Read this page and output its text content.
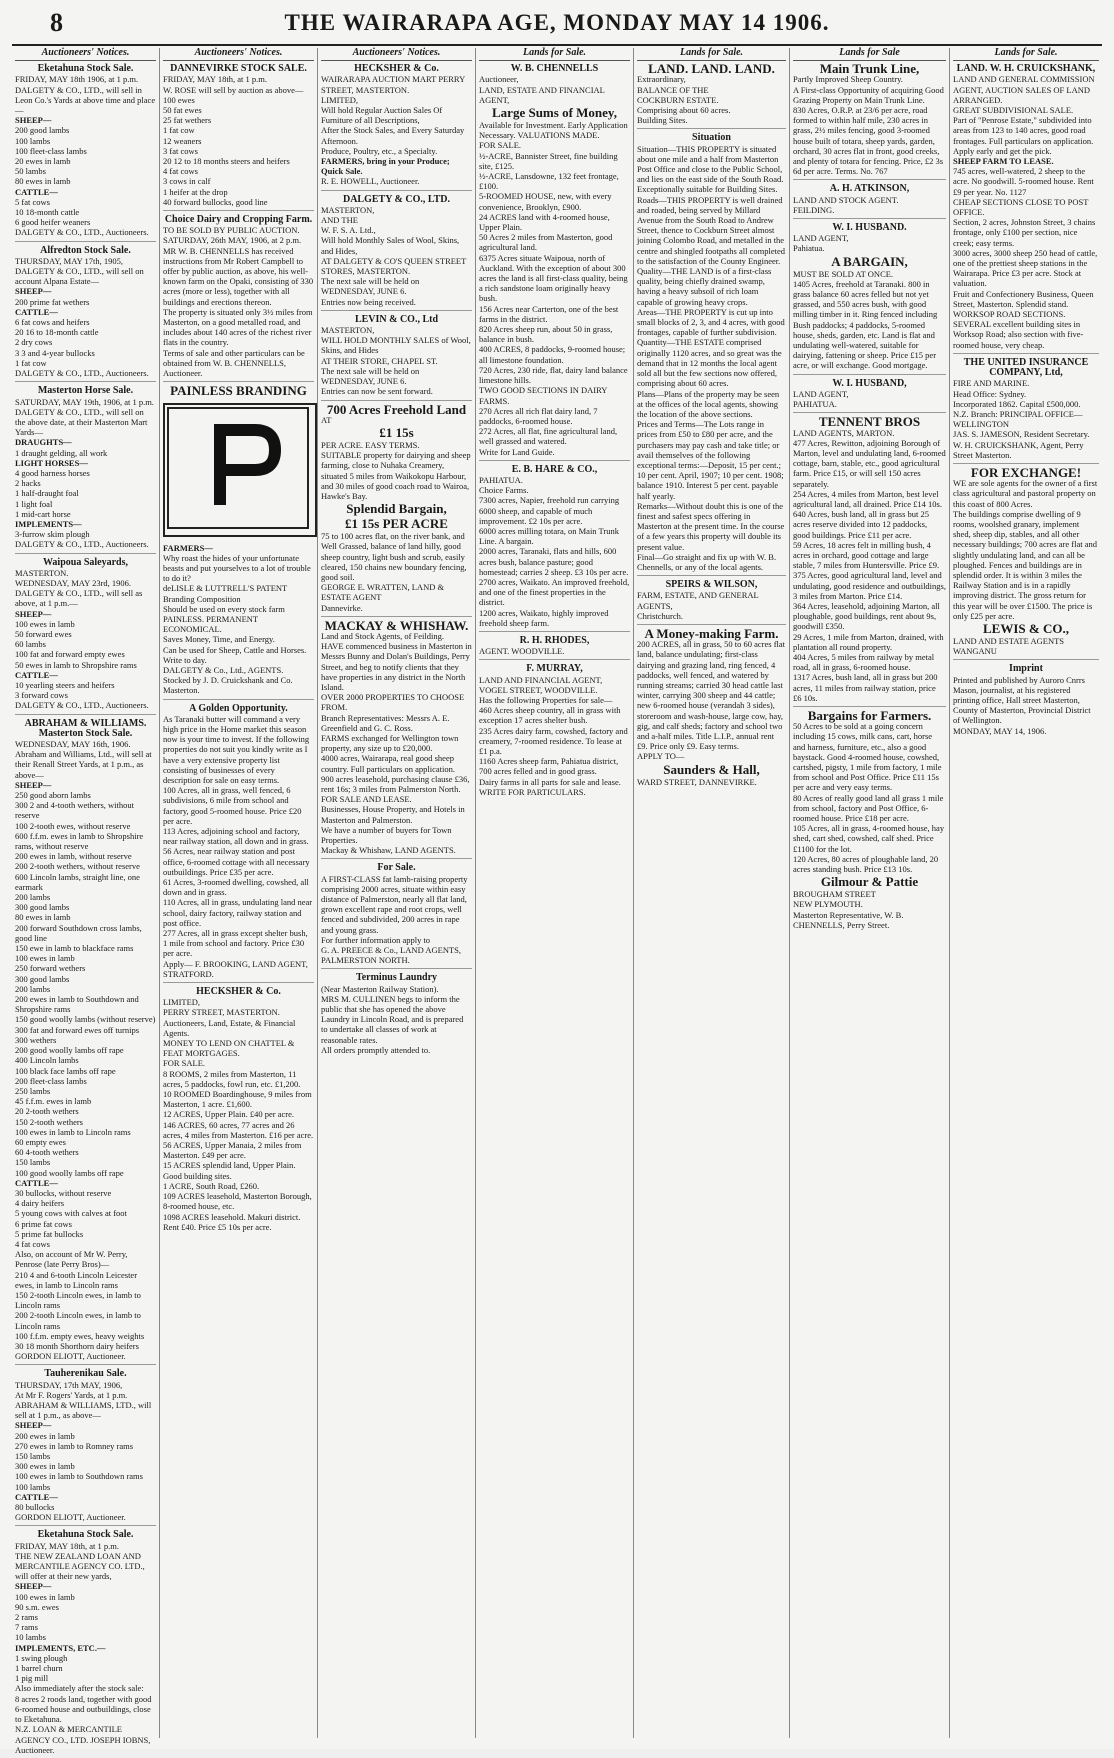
8	THE WAIRARAPA AGE, MONDAY MAY 14 1906.
Auctioneers' Notices.
Eketahuna Stock Sale.
FRIDAY, MAY 18th 1906, at 1 p.m.
DALGETY & CO., LTD., will sell in Leon Co.'s Yards at above time and place—
SHEEP—
200 good lambs
100 lambs
100 fleet-class lambs
20 ewes in lamb
50 lambs
80 ewes in lamb
CATTLE—
5 fat cows
10 18-month cattle
6 good heifer weaners
DALGETY & CO., LTD., Auctioneers.
Alfredton Stock Sale.
THURSDAY, MAY 17th, 1905,
DALGETY & CO., LTD., will sell on account Alpana Estate—
SHEEP—
200 prime fat wethers
CATTLE—
6 fat cows and heifers
20 16 to 18-month cattle
2 dry cows
3 3 and 4-year bullocks
1 fat cow
DALGETY & CO., LTD., Auctioneers.
Masterton Horse Sale.
SATURDAY, MAY 19th, 1906, at 1 p.m.
DALGETY & CO., LTD., will sell on the above date, at their Masterton Mart Yards—
DRAUGHTS—
1 draught gelding, all work
LIGHT HORSES—
4 good harness horses
2 hacks
1 half-draught foal
1 light foal
1 mid-cart horse
IMPLEMENTS—
3-furrow skim plough
DALGETY & CO., LTD., Auctioneers.
Waipoua Saleyards,
MASTERTON.
WEDNESDAY, MAY 23rd, 1906.
DALGETY & CO., LTD., will sell as above, at 1 p.m.—
SHEEP—
100 ewes in lamb
50 forward ewes
60 lambs
100 fat and forward empty ewes
50 ewes in lamb to Shropshire rams
CATTLE—
10 yearling steers and heifers
3 forward cows
DALGETY & CO., LTD., Auctioneers.
ABRAHAM & WILLIAMS. Masterton Stock Sale.
WEDNESDAY, MAY 16th, 1906.
Abraham and Williams, Ltd., will sell at their Renall Street Yards, at 1 p.m., as above—
SHEEP—
250 good aborn lambs
300 2 and 4-tooth wethers, without reserve
100 2-tooth ewes, without reserve
600 f.f.m. ewes in lamb to Shropshire rams, without reserve
200 ewes in lamb, without reserve
200 2-tooth wethers, without reserve
600 Lincoln lambs, straight line, one earmark
200 lambs
300 good lambs
80 ewes in lamb
200 forward Southdown cross lambs, good line
150 ewe in lamb to blackface rams
100 ewes in lamb
250 forward wethers
300 good lambs
200 lambs
200 ewes in lamb to Southdown and Shropshire rams
150 good woolly lambs (without reserve)
300 fat and forward ewes off turnips
300 wethers
200 good woolly lambs off rape
400 Lincoln lambs
100 black face lambs off rape
200 fleet-class lambs
250 lambs
45 f.f.m. ewes in lamb
20 2-tooth wethers
150 2-tooth wethers
100 ewes in lamb to Lincoln rams
60 empty ewes
60 4-tooth wethers
150 lambs
100 good woolly lambs off rape
CATTLE—
30 bullocks, without reserve
4 dairy heifers
5 young cows with calves at foot
6 prime fat cows
5 prime fat bullocks
4 fat cows
Also, on account of Mr W. Perry, Penrose (late Perry Bros)—
210 4 and 6-tooth Lincoln Leicester ewes, in lamb to Lincoln rams
150 2-tooth Lincoln ewes, in lamb to Lincoln rams
200 2-tooth Lincoln ewes, in lamb to Lincoln rams
100 f.f.m. empty ewes, heavy weights
30 18 month Shorthorn dairy heifers
GORDON ELIOTT, Auctioneer.
Tauherenikau Sale.
THURSDAY, 17th MAY, 1906,
At Mr F. Rogers' Yards, at 1 p.m.
ABRAHAM & WILLIAMS, LTD., will sell at 1 p.m., as above—
SHEEP—
200 ewes in lamb
270 ewes in lamb to Romney rams
150 lambs
300 ewes in lamb
100 ewes in lamb to Southdown rams
100 lambs
CATTLE—
80 bullocks
GORDON ELIOTT, Auctioneer.
Eketahuna Stock Sale.
FRIDAY, MAY 18th, at 1 p.m.
THE NEW ZEALAND LOAN AND MERCANTILE AGENCY CO. LTD., will offer at their new yards,
SHEEP—
100 ewes in lamb
90 s.m. ewes
2 rams
7 rams
10 lambs
IMPLEMENTS, ETC.—
1 swing plough
1 barrel churn
1 pig mill
Also immediately after the stock sale:
8 acres 2 roods land, together with good 6-roomed house and outbuildings, close to Eketahuna.
N.Z. LOAN & MERCANTILE AGENCY CO., LTD. JOSEPH IOBNS, Auctioneer.
Auctioneers' Notices.
DANNEVIRKE STOCK SALE.
FRIDAY, MAY 18th, at 1 p.m.
W. ROSE will sell by auction as above—
100 ewes
50 fat ewes
25 fat wethers
1 fat cow
12 weaners
3 fat cows
20 12 to 18 months steers and heifers
4 fat cows
3 cows in calf
1 heifer at the drop
40 forward bullocks, good line
Choice Dairy and Cropping Farm.
TO BE SOLD BY PUBLIC AUCTION.
SATURDAY, 26th MAY, 1906, at 2 p.m.
MR W. B. CHENNELLS has received instructions from Mr Robert Campbell to offer by public auction, as above, his well-known farm on the Opaki, consisting of 330 acres (more or less), together with all buildings and erections thereon.
The property is situated only 3½ miles from Masterton, on a good metalled road, and includes about 140 acres of the richest river flats in the country.
Terms of sale and other particulars can be obtained from W. B. CHENNELLS, Auctioneer.
PAINLESS BRANDING
FARMERS—
Why roast the hides of your unfortunate beasts and put yourselves to a lot of trouble to do it?
deLISLE & LUTTRELL'S PATENT Branding Composition
Should be used on every stock farm
PAINLESS. PERMANENT ECONOMICAL.
Saves Money, Time, and Energy.
Can be used for Sheep, Cattle and Horses.
Write to day.
DALGETY & Co., Ltd., AGENTS.
Stocked by J. D. Cruickshank and Co. Masterton.
A Golden Opportunity.
As Taranaki butter will command a very high price in the Home market this season now is your time to invest. If the following properties do not suit you kindly write as I have a very extensive property list consisting of businesses of every description for sale on easy terms.
100 Acres, all in grass, well fenced, 6 subdivisions, 6 mile from school and factory, good 5-roomed house. Price £20 per acre.
113 Acres, adjoining school and factory, near railway station, all down and in grass.
56 Acres, near railway station and post office, 6-roomed cottage with all necessary outbuildings. Price £35 per acre.
61 Acres, 3-roomed dwelling, cowshed, all down and in grass.
110 Acres, all in grass, undulating land near school, dairy factory, railway station and post office.
277 Acres, all in grass except shelter bush, 1 mile from school and factory. Price £30 per acre.
Apply— F. BROOKING, LAND AGENT, STRATFORD.
HECKSHER & Co.
LIMITED,
PERRY STREET, MASTERTON.
Auctioneers, Land, Estate, & Financial Agents.
MONEY TO LEND ON CHATTEL & FEAT MORTGAGES.
FOR SALE.
8 ROOMS, 2 miles from Masterton, 11 acres, 5 paddocks, fowl run, etc. £1,200.
10 ROOMED Boardinghouse, 9 miles from Masterton, 1 acre. £1,600.
12 ACRES, Upper Plain. £40 per acre.
146 ACRES, 60 acres, 77 acres and 26 acres, 4 miles from Masterton. £16 per acre.
56 ACRES, Upper Manaia, 2 miles from Masterton. £49 per acre.
15 ACRES splendid land, Upper Plain. Good building sites.
1 ACRE, South Road, £260.
109 ACRES leasehold, Masterton Borough, 8-roomed house, etc.
1098 ACRES leasehold. Makuri district. Rent £40. Price £5 10s per acre.
Auctioneers' Notices.
HECKSHER & Co.
WAIRARAPA AUCTION MART PERRY STREET, MASTERTON.
LIMITED,
Will hold Regular Auction Sales Of Furniture of all Descriptions,
After the Stock Sales, and Every Saturday Afternoon.
Produce, Poultry, etc., a Specialty.
FARMERS, bring in your Produce; Quick Sale.
R. E. HOWELL, Auctioneer.
DALGETY & CO., LTD.
MASTERTON,
AND THE
W. F. S. A. Ltd.,
Will hold Monthly Sales of Wool, Skins, and Hides,
AT DALGETY & CO'S QUEEN STREET STORES, MASTERTON.
The next sale will be held on WEDNESDAY, JUNE 6.
Entries now being received.
LEVIN & CO., Ltd
MASTERTON,
WILL HOLD MONTHLY SALES of Wool, Skins, and Hides
AT THEIR STORE, CHAPEL ST.
The next sale will be held on WEDNESDAY, JUNE 6.
Entries can now be sent forward.
700 Acres Freehold Land
AT
£1 15s
PER ACRE. EASY TERMS.
SUITABLE property for dairying and sheep farming, close to Nuhaka Creamery, situated 5 miles from Waikokopu Harbour, and 30 miles of good coach road to Wairoa, Hawke's Bay.
Splendid Bargain,
£1 15s PER ACRE
75 to 100 acres flat, on the river bank, and Well Grassed, balance of land hilly, good sheep country, light bush and scrub, easily cleared, 150 chains new boundary fencing, good soil.
GEORGE E. WRATTEN, LAND & ESTATE AGENT
Dannevirke.
MACKAY & WHISHAW.
Land and Stock Agents, of Feilding.
HAVE commenced business in Masterton in Messrs Bunny and Dolan's Buildings, Perry Street, and beg to notify clients that they have properties in any district in the North Island.
OVER 2000 PROPERTIES TO CHOOSE FROM.
Branch Representatives: Messrs A. E. Greenfield and G. C. Ross.
FARMS exchanged for Wellington town property, any size up to £20,000.
4000 acres, Wairarapa, real good sheep country. Full particulars on application.
900 acres leasehold, purchasing clause £36, rent 16s; 3 miles from Palmerston North.
FOR SALE AND LEASE.
Businesses, House Property, and Hotels in Masterton and Palmerston.
We have a number of buyers for Town Properties.
Mackay & Whishaw, LAND AGENTS.
For Sale.
A FIRST-CLASS fat lamb-raising property comprising 2000 acres, situate within easy distance of Palmerston, nearly all flat land, grown excellent rape and root crops, well fenced and subdivided, 200 acres in rape and young grass.
For further information apply to
G. A. PREECE & Co., LAND AGENTS, PALMERSTON NORTH.
Terminus Laundry
(Near Masterton Railway Station).
MRS M. CULLINEN begs to inform the public that she has opened the above Laundry in Lincoln Road, and is prepared to undertake all classes of work at reasonable rates.
All orders promptly attended to.
Lands for Sale.
W. B. CHENNELLS
Auctioneer,
LAND, ESTATE AND FINANCIAL AGENT,
Large Sums of Money,
Available for Investment. Early Application Necessary. VALUATIONS MADE.
FOR SALE.
½-ACRE, Bannister Street, fine building site, £125.
½-ACRE, Lansdowne, 132 feet frontage, £100.
5-ROOMED HOUSE, new, with every convenience, Brooklyn, £900.
24 ACRES land with 4-roomed house, Upper Plain.
50 Acres 2 miles from Masterton, good agricultural land.
6375 Acres situate Waipoua, north of Auckland. With the exception of about 300 acres the land is all first-class quality, being a rich sandstone loam originally heavy bush.
156 Acres near Carterton, one of the best farms in the district.
820 Acres sheep run, about 50 in grass, balance in bush.
400 ACRES, 8 paddocks, 9-roomed house; all limestone foundation.
720 Acres, 230 ride, flat, dairy land balance limestone hills.
TWO GOOD SECTIONS IN DAIRY FARMS.
270 Acres all rich flat dairy land, 7 paddocks, 6-roomed house.
272 Acres, all flat, fine agricultural land, well grassed and watered.
Write for Land Guide.
E. B. HARE & CO.,
PAHIATUA.
Choice Farms.
7300 acres, Napier, freehold run carrying 6000 sheep, and capable of much improvement. £2 10s per acre.
6000 acres milling totara, on Main Trunk Line. A bargain.
2000 acres, Taranaki, flats and hills, 600 acres bush, balance pasture; good homestead; carries 2 sheep. £3 10s per acre.
2700 acres, Waikato. An improved freehold, and one of the finest properties in the district.
1200 acres, Waikato, highly improved freehold sheep farm.
R. H. RHODES,
AGENT. WOODVILLE.
F. MURRAY,
LAND AND FINANCIAL AGENT, VOGEL STREET, WOODVILLE.
Has the following Properties for sale—
460 Acres sheep country, all in grass with exception 17 acres shelter bush.
235 Acres dairy farm, cowshed, factory and creamery, 7-roomed residence. To lease at £1 p.a.
1160 Acres sheep farm, Pahiatua district, 700 acres felled and in good grass.
Dairy farms in all parts for sale and lease.
WRITE FOR PARTICULARS.
Lands for Sale.
LAND. LAND. LAND.
Extraordinary,
BALANCE OF THE
COCKBURN ESTATE.
Comprising about 60 acres.
Building Sites.
Situation
Situation—THIS PROPERTY is situated about one mile and a half from Masterton Post Office and close to the Public School, and lies on the east side of the South Road. Exceptionally suitable for Building Sites.
Roads—THIS PROPERTY is well drained and roaded, being served by Millard Avenue from the South Road to Andrew Street, thence to Cockburn Street almost joining Colombo Road, and metalled in the centre and shingled footpaths all completed to the satisfaction of the County Engineer.
Quality—THE LAND is of a first-class quality, being chiefly drained swamp, having a heavy subsoil of rich loam capable of growing heavy crops.
Areas—THE PROPERTY is cut up into small blocks of 2, 3, and 4 acres, with good frontages, capable of further subdivision.
Quantity—THE ESTATE comprised originally 1120 acres, and so great was the demand that in 12 months the local agent sold all but the few sections now offered, comprising about 60 acres.
Plans—Plans of the property may be seen at the offices of the local agents, showing the location of the above sections.
Prices and Terms—The Lots range in prices from £50 to £80 per acre, and the purchasers may pay cash and take title; or avail themselves of the following exceptional terms:—Deposit, 15 per cent.; 10 per cent. April, 1907; 10 per cent. 1908; balance 1910. Interest 5 per cent. payable half yearly.
Remarks—Without doubt this is one of the finest and safest specs offering in Masterton at the present time. In the course of a few years this property will double its present value.
Final—Go straight and fix up with W. B. Chennells, or any of the local agents.
SPEIRS & WILSON,
FARM, ESTATE, AND GENERAL AGENTS,
Christchurch.
A Money-making Farm.
200 ACRES, all in grass, 50 to 60 acres flat land, balance undulating; first-class dairying and grazing land, ring fenced, 4 paddocks, well fenced, and watered by running streams; carried 30 head cattle last winter, carrying 300 sheep and 44 cattle; new 6-roomed house (verandah 3 sides), storeroom and wash-house, large cow, hay, gig, and calf sheds; factory and school two and a-half miles. Title L.I.P., annual rent £9. Price only £9. Easy terms.
APPLY TO—
Saunders & Hall,
WARD STREET, DANNEVIRKE.
Lands for Sale
Main Trunk Line,
Partly Improved Sheep Country.
A First-class Opportunity of acquiring Good Grazing Property on Main Trunk Line.
830 Acres, O.R.P. at 23/6 per acre, road formed to within half mile, 230 acres in grass, 2½ miles fencing, good 3-roomed house built of totara, sheep yards, garden, orchard, 30 acres flat in front, good creeks, and plenty of totara for fencing. Price, £2 3s 6d per acre. Terms. No. 767
A. H. ATKINSON,
LAND AND STOCK AGENT.
FEILDING.
W. I. HUSBAND.
LAND AGENT,
Pahiatua.
A BARGAIN,
MUST BE SOLD AT ONCE.
1405 Acres, freehold at Taranaki. 800 in grass balance 60 acres felled but not yet grassed, and 550 acres bush, with good milling timber in it. Ring fenced including Bush paddocks; 4 paddocks, 5-roomed house, sheds, garden, etc. Land is flat and undulating well-watered, suitable for dairying, fattening or sheep. Price £15 per acre, or will exchange. Good mortgage.
W. I. HUSBAND,
LAND AGENT,
PAHIATUA.
TENNENT BROS
LAND AGENTS, MARTON.
477 Acres, Rewitton, adjoining Borough of Marton, level and undulating land, 6-roomed cottage, barn, stable, etc., good agricultural farm. Price £15, or will sell 150 acres separately.
254 Acres, 4 miles from Marton, best level agricultural land, all drained. Price £14 10s.
640 Acres, bush land, all in grass but 25 acres reserve divided into 12 paddocks, good buildings. Price £11 per acre.
59 Acres, 18 acres felt in milling bush, 4 acres in orchard, good cottage and large stable, 7 miles from Huntersville. Price £9.
375 Acres, good agricultural land, level and undulating, good residence and outbuildings, 3 miles from Marton. Price £14.
364 Acres, leasehold, adjoining Marton, all ploughable, good buildings, rent about 9s, goodwill £350.
29 Acres, 1 mile from Marton, drained, with plantation all round property.
404 Acres, 5 miles from railway by metal road, all in grass, 6-roomed house.
1317 Acres, bush land, all in grass but 200 acres, 11 miles from railway station, price £6 10s.
Bargains for Farmers.
50 Acres to be sold at a going concern including 15 cows, milk cans, cart, horse and harness, furniture, etc., also a good baystack. Good 4-roomed house, cowshed, cartshed, pigsty, 1 mile from factory, 1 mile from school and Post Office. Price £11 15s per acre and very easy terms.
80 Acres of really good land all grass 1 mile from school, factory and Post Office, 6-roomed house. Price £18 per acre.
105 Acres, all in grass, 4-roomed house, hay shed, cart shed, cowshed, calf shed. Price £1100 for the lot.
120 Acres, 80 acres of ploughable land, 20 acres standing bush. Price £13 10s.
Gilmour & Pattie
BROUGHAM STREET
NEW PLYMOUTH.
Masterton Representative, W. B. CHENNELLS, Perry Street.
Lands for Sale.
LAND. W. H. CRUICKSHANK,
LAND AND GENERAL COMMISSION AGENT, AUCTION SALES OF LAND ARRANGED.
GREAT SUBDIVISIONAL SALE.
Part of "Penrose Estate," subdivided into areas from 123 to 140 acres, good road frontages. Full particulars on application. Apply early and get the pick.
SHEEP FARM TO LEASE.
745 acres, well-watered, 2 sheep to the acre. No goodwill. 5-roomed house. Rent £9 per year. No. 1127
CHEAP SECTIONS CLOSE TO POST OFFICE.
Section, 2 acres, Johnston Street, 3 chains frontage, only £100 per section, nice creek; easy terms.
3000 acres, 3000 sheep 250 head of cattle, one of the prettiest sheep stations in the Wairarapa. Price £3 per acre. Stock at valuation.
Fruit and Confectionery Business, Queen Street, Masterton. Splendid stand.
WORKSOP ROAD SECTIONS.
SEVERAL excellent building sites in Worksop Road; also section with five-roomed house, very cheap.
THE UNITED INSURANCE COMPANY, Ltd,
FIRE AND MARINE.
Head Office: Sydney.
Incorporated 1862. Capital £500,000.
N.Z. Branch: PRINCIPAL OFFICE—WELLINGTON
JAS. S. JAMESON, Resident Secretary.
W. H. CRUICKSHANK, Agent, Perry Street Masterton.
FOR EXCHANGE!
WE are sole agents for the owner of a first class agricultural and pastoral property on this coast of 800 Acres.
The buildings comprise dwelling of 9 rooms, woolshed granary, implement shed, sheep dip, stables, and all other necessary buildings; 700 acres are flat and slightly undulating land, and can all be ploughed. Fences and buildings are in splendid order. It is within 3 miles the Railway Station and is in a rapidly improving district. The gross return for this year will be over £1500. The price is only £25 per acre.
LEWIS & CO.,
LAND AND ESTATE AGENTS
WANGANU
Imprint
Printed and published by Auroro Cnrrs Mason, journalist, at his registered printing office, Hall street Masterton, County of Masterton, Provincial District of Wellington.
MONDAY, MAY 14, 1906.
